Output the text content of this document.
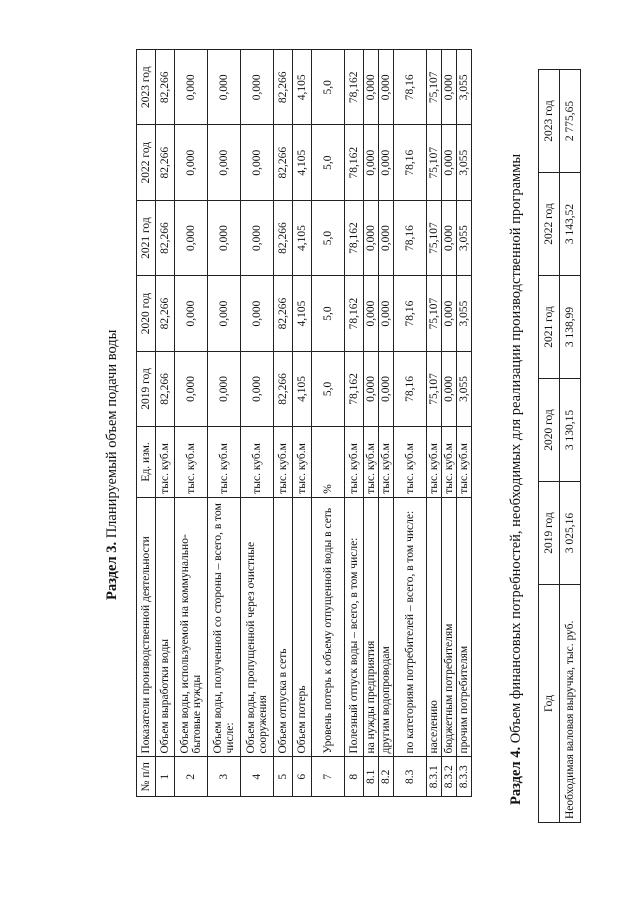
Раздел 3. Планируемый объем подачи воды
№ п/п	Показатели производственной деятельности	Ед. изм.	2019 год	2020 год	2021 год	2022 год	2023 год
1	Объем выработки воды	тыс. куб.м	82,266	82,266	82,266	82,266	82,266
2	Объем воды, используемой на коммунально-бытовые нужды	тыс. куб.м	0,000	0,000	0,000	0,000	0,000
3	Объем воды, полученной со стороны – всего, в том числе:	тыс. куб.м	0,000	0,000	0,000	0,000	0,000
4	Объем воды, пропущенной через очистные сооружения	тыс. куб.м	0,000	0,000	0,000	0,000	0,000
5	Объем отпуска в сеть	тыс. куб.м	82,266	82,266	82,266	82,266	82,266
6	Объем потерь	тыс. куб.м	4,105	4,105	4,105	4,105	4,105
7	Уровень потерь к объему отпущенной воды в сеть	%	5,0	5,0	5,0	5,0	5,0
8	Полезный отпуск воды – всего, в том числе:	тыс. куб.м	78,162	78,162	78,162	78,162	78,162
8.1	на нужды предприятия	тыс. куб.м	0,000	0,000	0,000	0,000	0,000
8.2	другим водопроводам	тыс. куб.м	0,000	0,000	0,000	0,000	0,000
8.3	по категориям потребителей – всего, в том числе:	тыс. куб.м	78,16	78,16	78,16	78,16	78,16
8.3.1	населению	тыс. куб.м	75,107	75,107	75,107	75,107	75,107
8.3.2	бюджетным потребителям	тыс. куб.м	0,000	0,000	0,000	0,000	0,000
8.3.3	прочим потребителям	тыс. куб.м	3,055	3,055	3,055	3,055	3,055
Раздел 4. Объем финансовых потребностей, необходимых для реализации производственной программы Год	2019 год	2020 год	2021 год	2022 год	2023 год
Необходимая валовая выручка, тыс. руб.	3 025,16	3 130,15	3 138,99	3 143,52	2 775,65
